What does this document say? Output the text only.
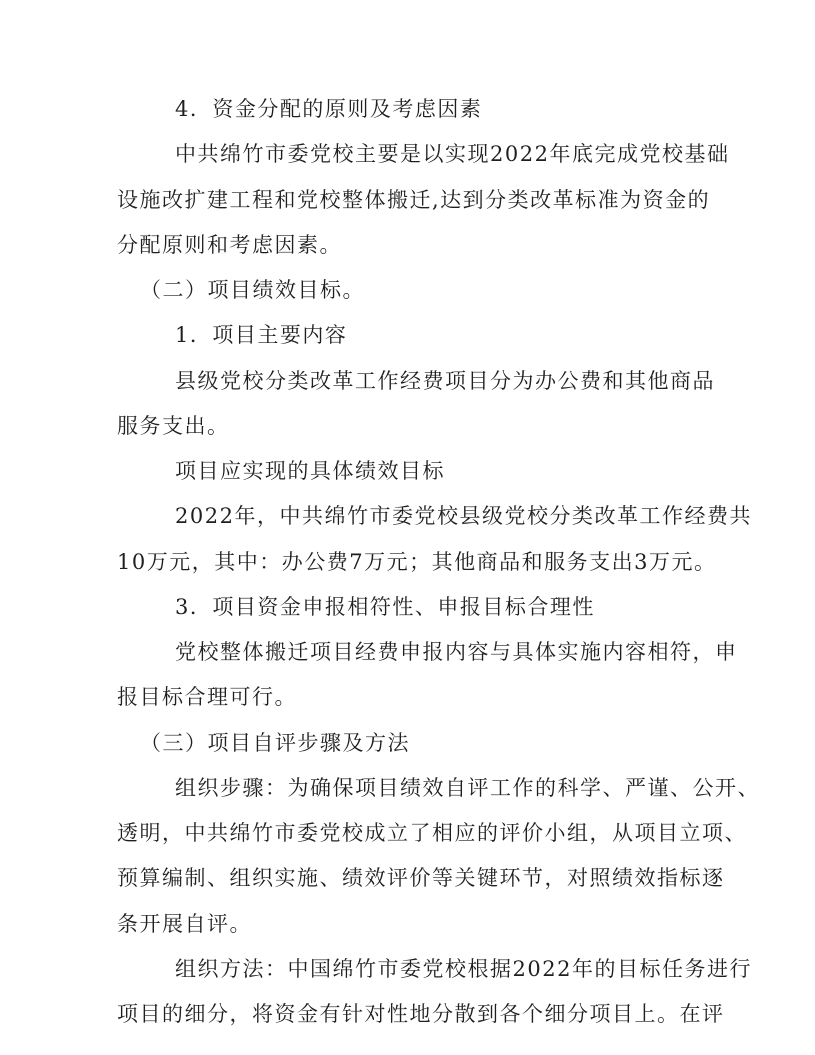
4．资金分配的原则及考虑因素
中共绵竹市委党校主要是以实现2022年底完成党校基础
设施改扩建工程和党校整体搬迁,达到分类改革标准为资金的
分配原则和考虑因素。
（二）项目绩效目标。
1．项目主要内容
县级党校分类改革工作经费项目分为办公费和其他商品
服务支出。
项目应实现的具体绩效目标
2022年，中共绵竹市委党校县级党校分类改革工作经费共
10万元，其中：办公费7万元；其他商品和服务支出3万元。
3．项目资金申报相符性、申报目标合理性
党校整体搬迁项目经费申报内容与具体实施内容相符，申
报目标合理可行。
（三）项目自评步骤及方法
组织步骤：为确保项目绩效自评工作的科学、严谨、公开、
透明，中共绵竹市委党校成立了相应的评价小组，从项目立项、
预算编制、组织实施、绩效评价等关键环节，对照绩效指标逐
条开展自评。
组织方法：中国绵竹市委党校根据2022年的目标任务进行
项目的细分，将资金有针对性地分散到各个细分项目上。在评
